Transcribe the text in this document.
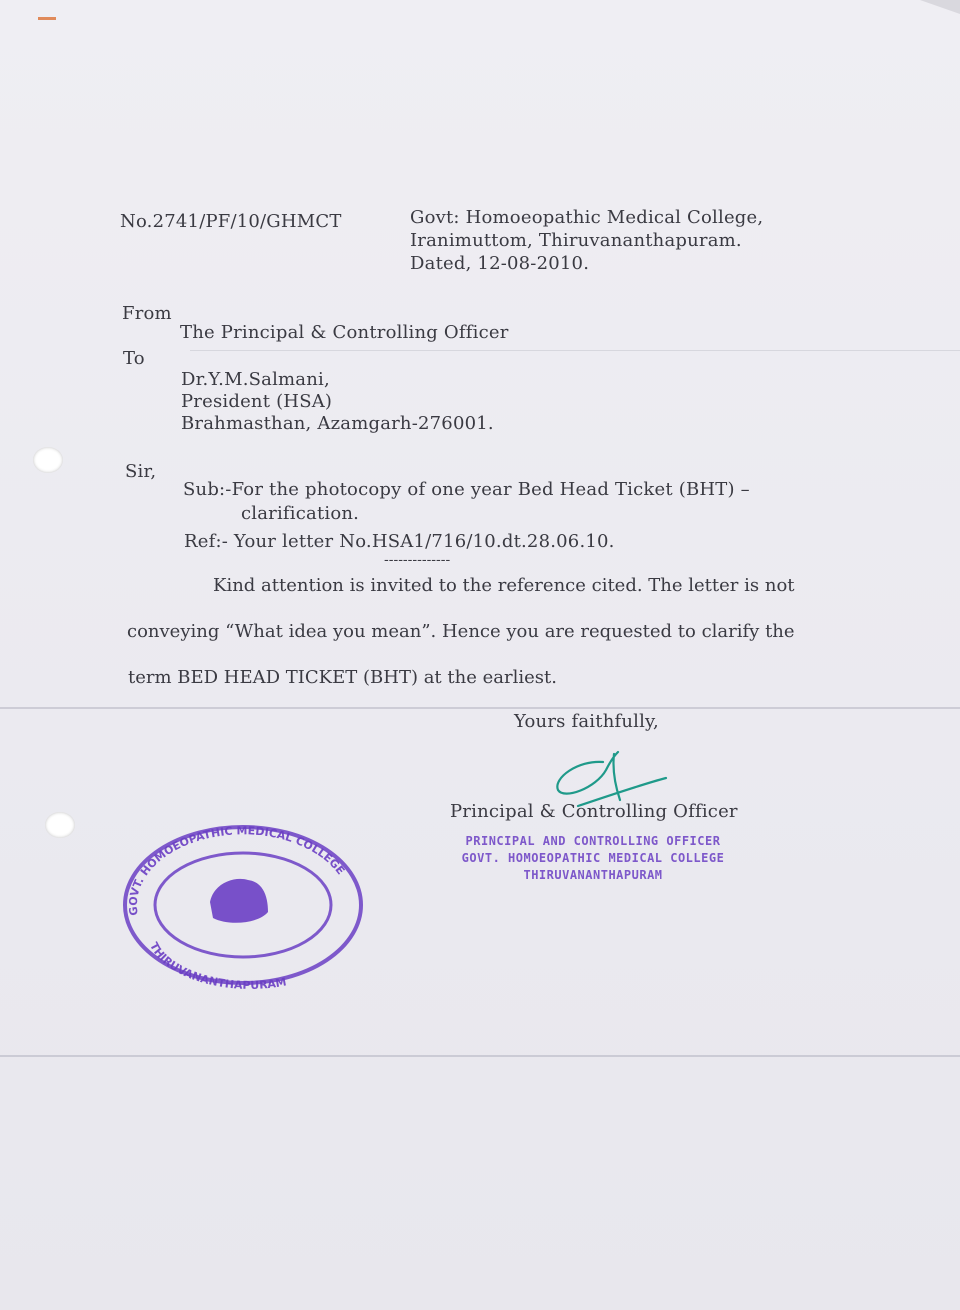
No.2741/PF/10/GHMCT	Govt: Homoeopathic Medical College,
Iranimuttom, Thiruvananthapuram.
Dated, 12-08-2010.
From
The Principal & Controlling Officer
To
Dr.Y.M.Salmani,
President (HSA)
Brahmasthan, Azamgarh-276001.
Sir,
Sub:-For the photocopy of one year Bed Head Ticket (BHT) –
clarification.
Ref:- Your letter No.HSA1/716/10.dt.28.06.10.
--------------
Kind attention is invited to the reference cited. The letter is not
conveying “What idea you mean”. Hence you are requested to clarify the
term BED HEAD TICKET (BHT) at the earliest.
Yours faithfully,
Principal & Controlling Officer
PRINCIPAL AND CONTROLLING OFFICER
GOVT. HOMOEOPATHIC MEDICAL COLLEGE
THIRUVANANTHAPURAM
GOVT. HOMOEOPATHIC MEDICAL COLLEGE
THIRUVANANTHAPURAM
